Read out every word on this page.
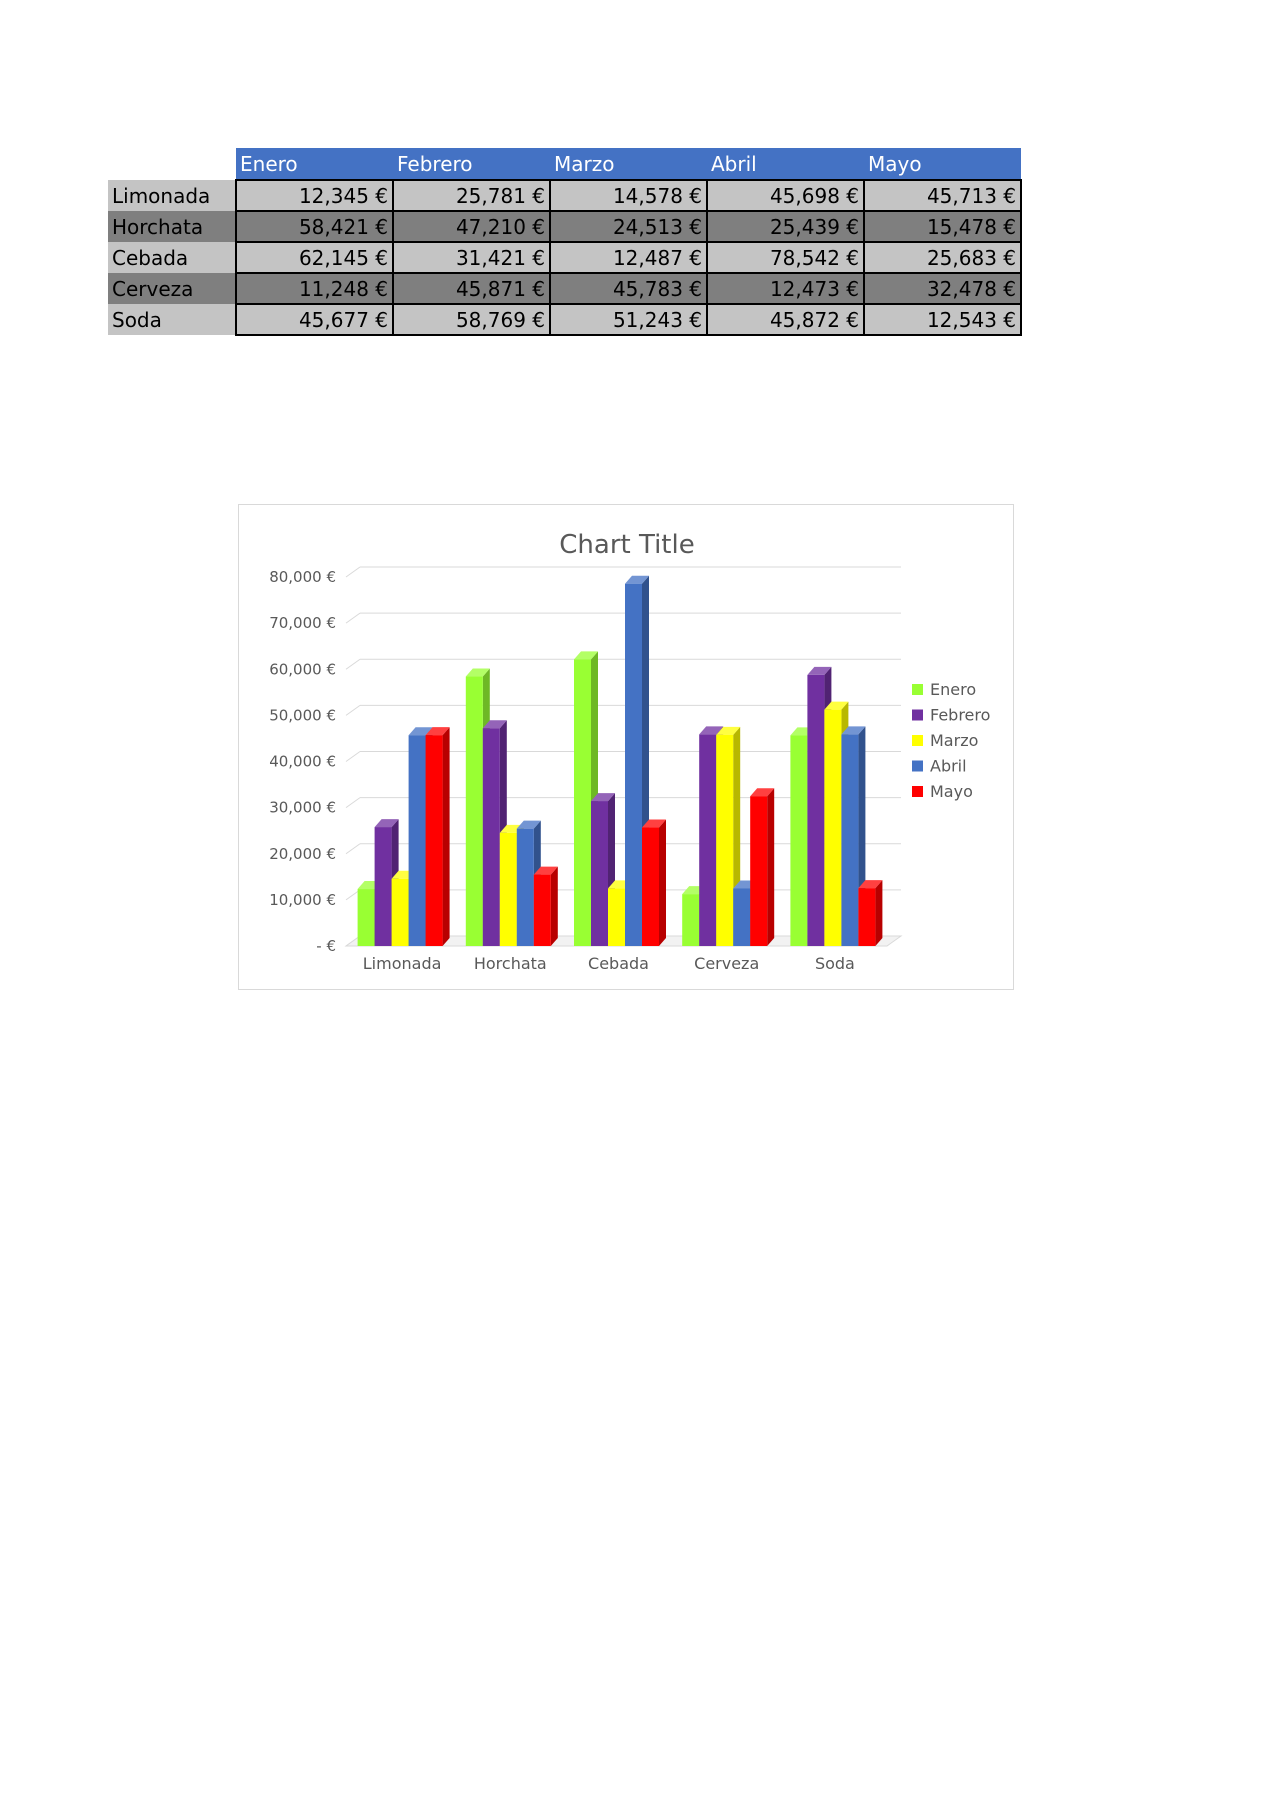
	Enero	Febrero	Marzo	Abril	Mayo
Limonada	12,345 €	25,781 €	14,578 €	45,698 €	45,713 €
Horchata	58,421 €	47,210 €	24,513 €	25,439 €	15,478 €
Cebada	62,145 €	31,421 €	12,487 €	78,542 €	25,683 €
Cerveza	11,248 €	45,871 €	45,783 €	12,473 €	32,478 €
Soda	45,677 €	58,769 €	51,243 €	45,872 €	12,543 €
Chart Title
- €
10,000 €
20,000 €
30,000 €
40,000 €
50,000 €
60,000 €
70,000 €
80,000 €
Limonada Horchata	Cebada	Cerveza	Soda
Enero
Febrero
Marzo
Abril
Mayo
